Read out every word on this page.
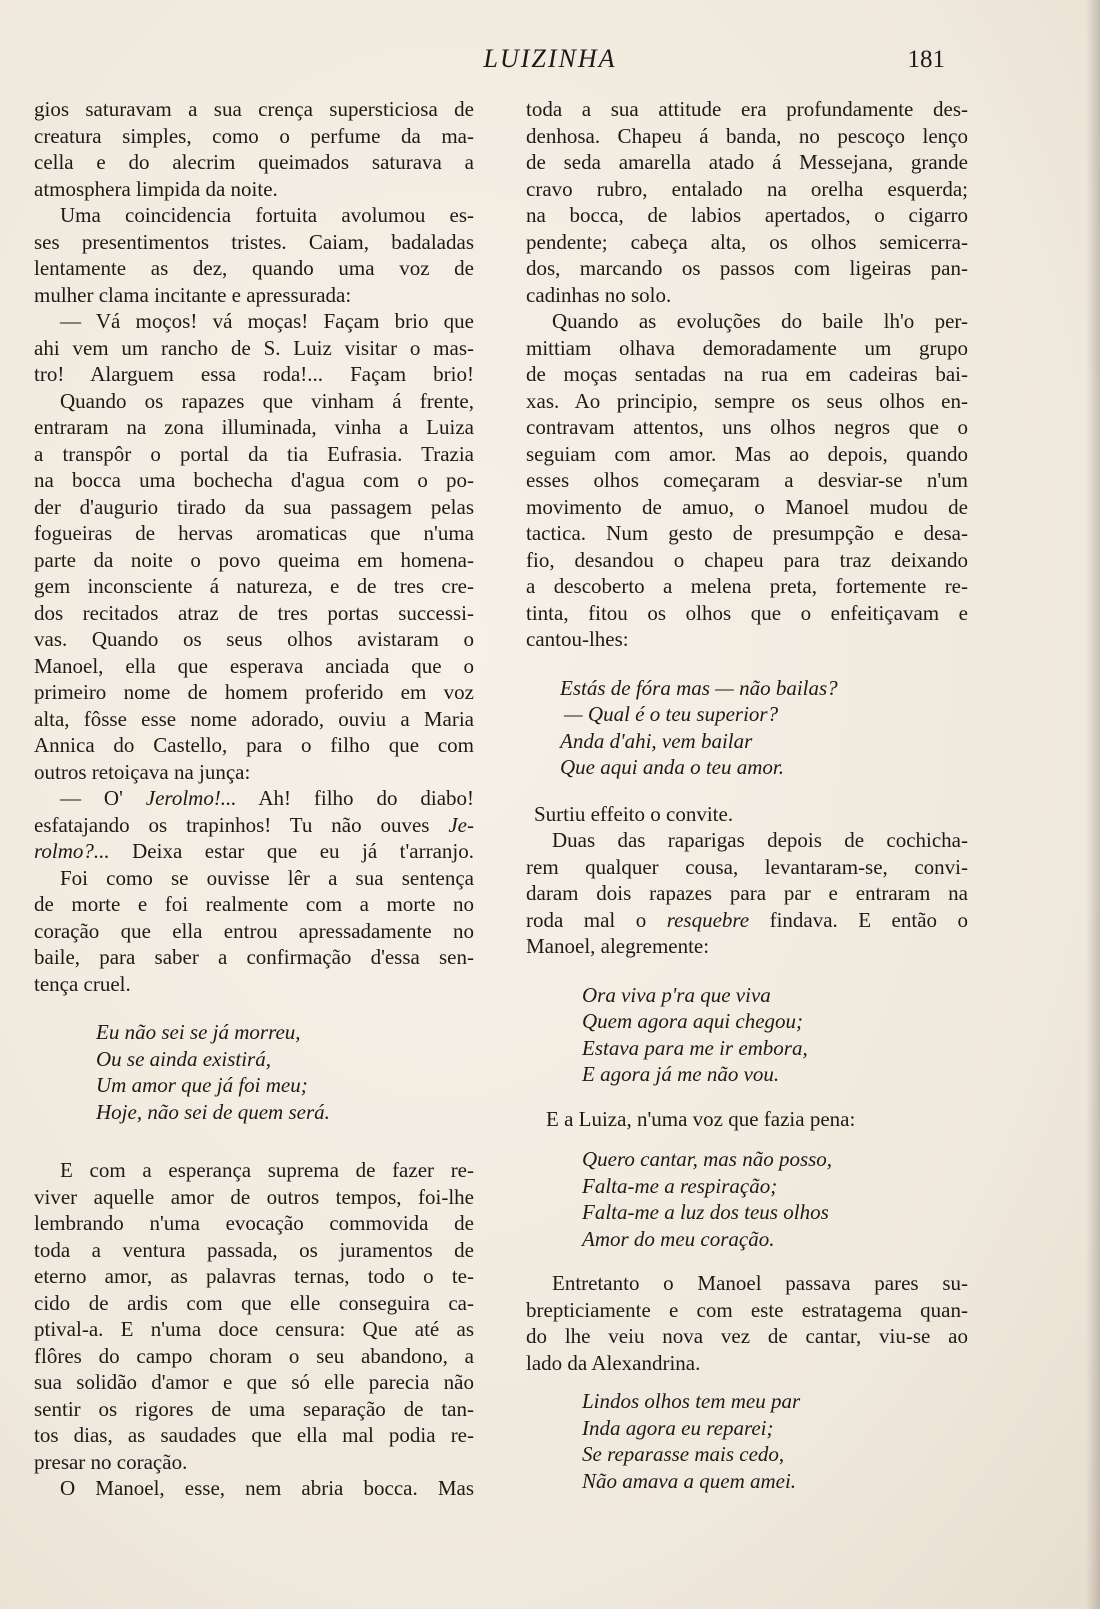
LUIZINHA	181
gios saturavam a sua crença supersticiosa de
creatura simples, como o perfume da ma-
cella e do alecrim queimados saturava a
atmosphera limpida da noite.
Uma coincidencia fortuita avolumou es-
ses presentimentos tristes. Caiam, badaladas
lentamente as dez, quando uma voz de
mulher clama incitante e apressurada:
— Vá moços! vá moças! Façam brio que
ahi vem um rancho de S. Luiz visitar o mas-
tro! Alarguem essa roda!... Façam brio!
Quando os rapazes que vinham á frente,
entraram na zona illuminada, vinha a Luiza
a transpôr o portal da tia Eufrasia. Trazia
na bocca uma bochecha d'agua com o po-
der d'augurio tirado da sua passagem pelas
fogueiras de hervas aromaticas que n'uma
parte da noite o povo queima em homena-
gem inconsciente á natureza, e de tres cre-
dos recitados atraz de tres portas successi-
vas. Quando os seus olhos avistaram o
Manoel, ella que esperava anciada que o
primeiro nome de homem proferido em voz
alta, fôsse esse nome adorado, ouviu a Maria
Annica do Castello, para o filho que com
outros retoiçava na junça:
— O' Jerolmo!... Ah! filho do diabo!
esfatajando os trapinhos! Tu não ouves Je-
rolmo?... Deixa estar que eu já t'arranjo.
Foi como se ouvisse lêr a sua sentença
de morte e foi realmente com a morte no
coração que ella entrou apressadamente no
baile, para saber a confirmação d'essa sen-
tença cruel.
Eu não sei se já morreu,
Ou se ainda existirá,
Um amor que já foi meu;
Hoje, não sei de quem será.
E com a esperança suprema de fazer re-
viver aquelle amor de outros tempos, foi-lhe
lembrando n'uma evocação commovida de
toda a ventura passada, os juramentos de
eterno amor, as palavras ternas, todo o te-
cido de ardis com que elle conseguira ca-
ptival-a. E n'uma doce censura: Que até as
flôres do campo choram o seu abandono, a
sua solidão d'amor e que só elle parecia não
sentir os rigores de uma separação de tan-
tos dias, as saudades que ella mal podia re-
presar no coração.
O Manoel, esse, nem abria bocca. Mas
toda a sua attitude era profundamente des-
denhosa. Chapeu á banda, no pescoço lenço
de seda amarella atado á Messejana, grande
cravo rubro, entalado na orelha esquerda;
na bocca, de labios apertados, o cigarro
pendente; cabeça alta, os olhos semicerra-
dos, marcando os passos com ligeiras pan-
cadinhas no solo.
Quando as evoluções do baile lh'o per-
mittiam olhava demoradamente um grupo
de moças sentadas na rua em cadeiras bai-
xas. Ao principio, sempre os seus olhos en-
contravam attentos, uns olhos negros que o
seguiam com amor. Mas ao depois, quando
esses olhos começaram a desviar-se n'um
movimento de amuo, o Manoel mudou de
tactica. Num gesto de presumpção e desa-
fio, desandou o chapeu para traz deixando
a descoberto a melena preta, fortemente re-
tinta, fitou os olhos que o enfeitiçavam e
cantou-lhes:
Estás de fóra mas — não bailas?
— Qual é o teu superior?
Anda d'ahi, vem bailar
Que aqui anda o teu amor.
Surtiu effeito o convite.
Duas das raparigas depois de cochicha-
rem qualquer cousa, levantaram-se, convi-
daram dois rapazes para par e entraram na
roda mal o resquebre findava. E então o
Manoel, alegremente:
Ora viva p'ra que viva
Quem agora aqui chegou;
Estava para me ir embora,
E agora já me não vou.
E a Luiza, n'uma voz que fazia pena:
Quero cantar, mas não posso,
Falta-me a respiração;
Falta-me a luz dos teus olhos
Amor do meu coração.
Entretanto o Manoel passava pares su-
brepticiamente e com este estratagema quan-
do lhe veiu nova vez de cantar, viu-se ao
lado da Alexandrina.
Lindos olhos tem meu par
Inda agora eu reparei;
Se reparasse mais cedo,
Não amava a quem amei.
